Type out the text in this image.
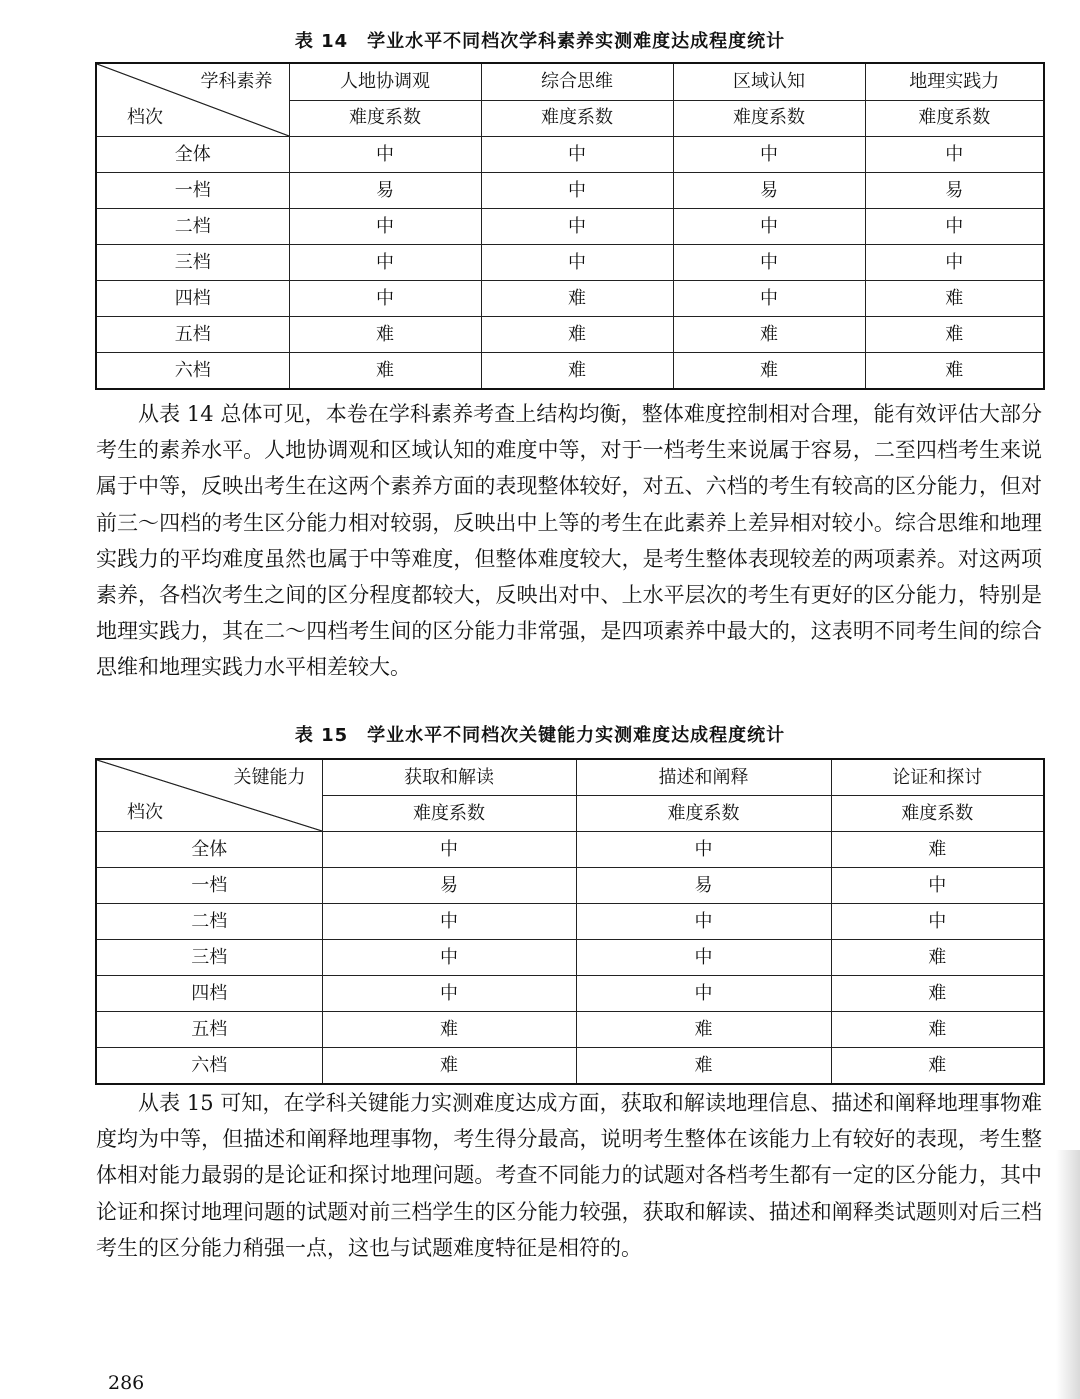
表 14　学业水平不同档次学科素养实测难度达成程度统计
学科素养
档次	人地协调观	综合思维	区域认知	地理实践力
	难度系数	难度系数	难度系数	难度系数
全体	中	中	中	中
一档	易	中	易	易
二档	中	中	中	中
三档	中	中	中	中
四档	中	难	中	难
五档	难	难	难	难
六档	难	难	难	难

从表 14 总体可见，本卷在学科素养考查上结构均衡，整体难度控制相对合理，能有效评估大部分考生的素养水平。人地协调观和区域认知的难度中等，对于一档考生来说属于容易，二至四档考生来说属于中等，反映出考生在这两个素养方面的表现整体较好，对五、六档的考生有较高的区分能力，但对前三～四档的考生区分能力相对较弱，反映出中上等的考生在此素养上差异相对较小。综合思维和地理实践力的平均难度虽然也属于中等难度，但整体难度较大，是考生整体表现较差的两项素养。对这两项素养，各档次考生之间的区分程度都较大，反映出对中、上水平层次的考生有更好的区分能力，特别是地理实践力，其在二～四档考生间的区分能力非常强，是四项素养中最大的，这表明不同考生间的综合思维和地理实践力水平相差较大。

表 15　学业水平不同档次关键能力实测难度达成程度统计
关键能力
档次	获取和解读	描述和阐释	论证和探讨
	难度系数	难度系数	难度系数
全体	中	中	难
一档	易	易	中
二档	中	中	中
三档	中	中	难
四档	中	中	难
五档	难	难	难
六档	难	难	难

从表 15 可知，在学科关键能力实测难度达成方面，获取和解读地理信息、描述和阐释地理事物难度均为中等，但描述和阐释地理事物，考生得分最高，说明考生整体在该能力上有较好的表现，考生整体相对能力最弱的是论证和探讨地理问题。考查不同能力的试题对各档考生都有一定的区分能力，其中论证和探讨地理问题的试题对前三档学生的区分能力较强，获取和解读、描述和阐释类试题则对后三档考生的区分能力稍强一点，这也与试题难度特征是相符的。

286
